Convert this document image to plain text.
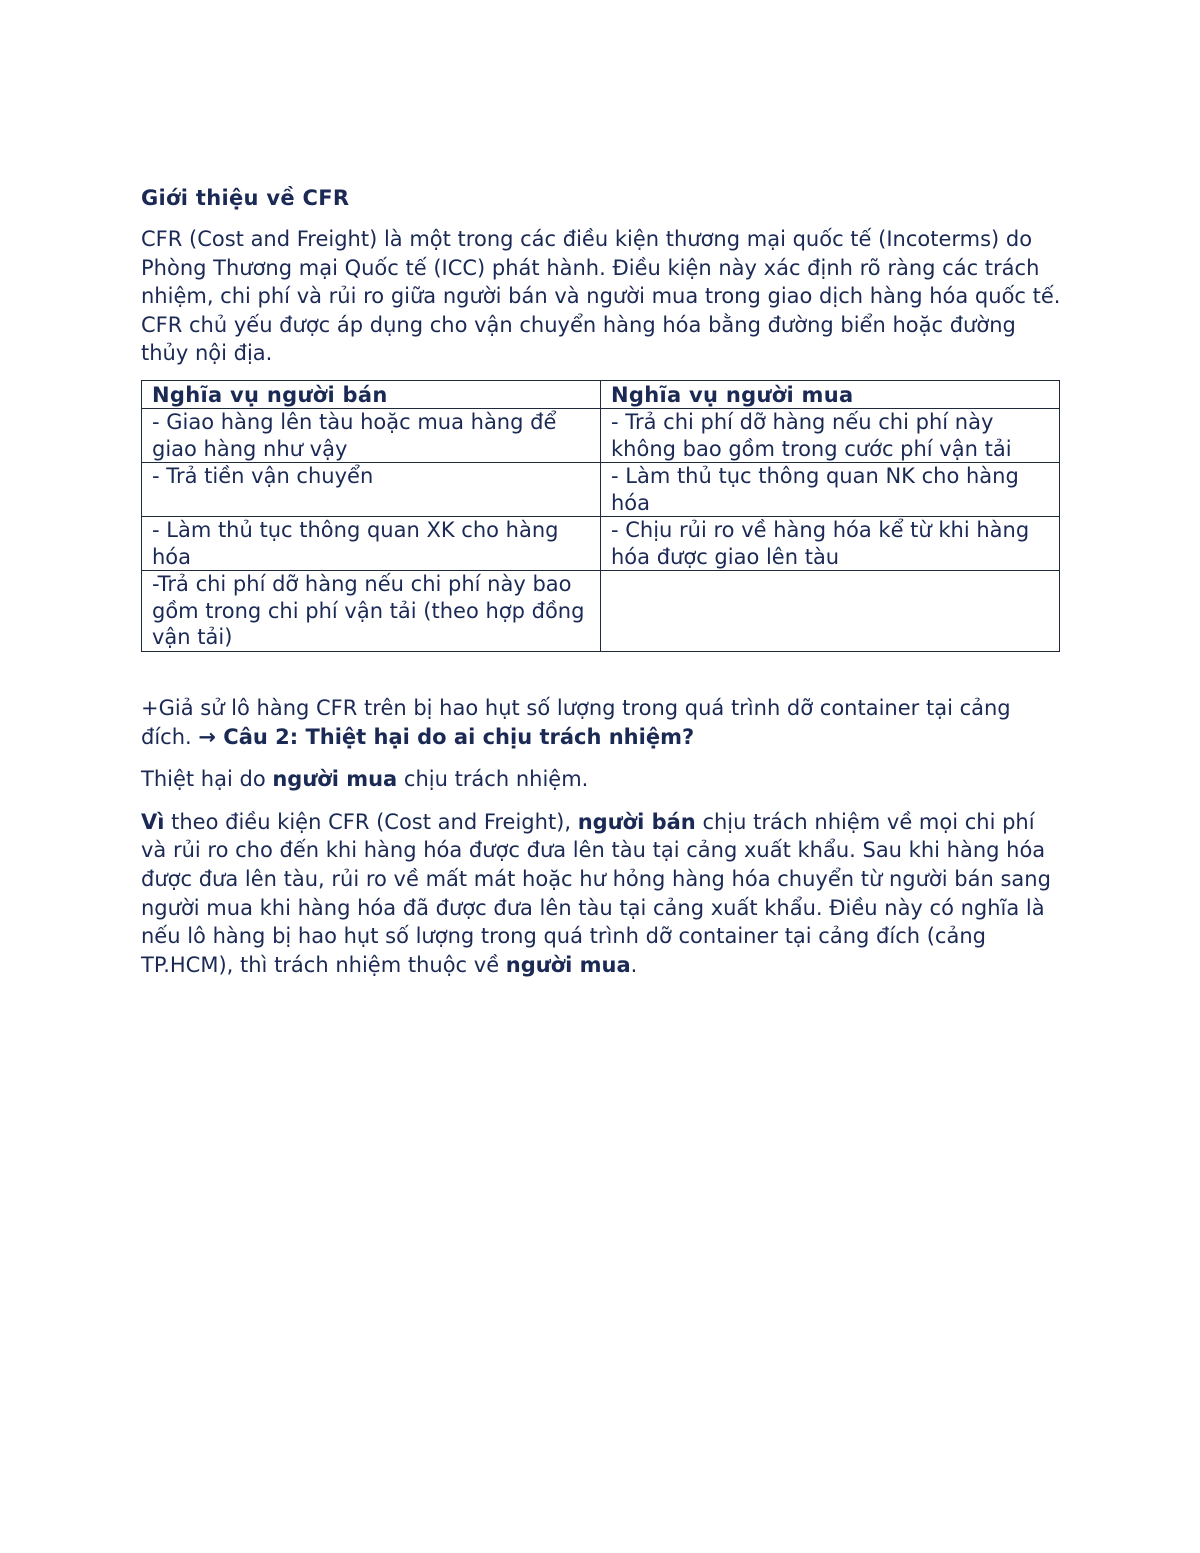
Giới thiệu về CFR

CFR (Cost and Freight) là một trong các điều kiện thương mại quốc tế (Incoterms) do Phòng Thương mại Quốc tế (ICC) phát hành. Điều kiện này xác định rõ ràng các trách nhiệm, chi phí và rủi ro giữa người bán và người mua trong giao dịch hàng hóa quốc tế. CFR chủ yếu được áp dụng cho vận chuyển hàng hóa bằng đường biển hoặc đường thủy nội địa.

Nghĩa vụ người bán	Nghĩa vụ người mua
- Giao hàng lên tàu hoặc mua hàng để giao hàng như vậy	- Trả chi phí dỡ hàng nếu chi phí này không bao gồm trong cước phí vận tải
- Trả tiền vận chuyển	- Làm thủ tục thông quan NK cho hàng hóa
- Làm thủ tục thông quan XK cho hàng hóa	- Chịu rủi ro về hàng hóa kể từ khi hàng hóa được giao lên tàu
-Trả chi phí dỡ hàng nếu chi phí này bao gồm trong chi phí vận tải (theo hợp đồng vận tải)	

+Giả sử lô hàng CFR trên bị hao hụt số lượng trong quá trình dỡ container tại cảng đích. → Câu 2: Thiệt hại do ai chịu trách nhiệm?

Thiệt hại do người mua chịu trách nhiệm.

Vì theo điều kiện CFR (Cost and Freight), người bán chịu trách nhiệm về mọi chi phí và rủi ro cho đến khi hàng hóa được đưa lên tàu tại cảng xuất khẩu. Sau khi hàng hóa được đưa lên tàu, rủi ro về mất mát hoặc hư hỏng hàng hóa chuyển từ người bán sang người mua khi hàng hóa đã được đưa lên tàu tại cảng xuất khẩu. Điều này có nghĩa là nếu lô hàng bị hao hụt số lượng trong quá trình dỡ container tại cảng đích (cảng TP.HCM), thì trách nhiệm thuộc về người mua.
